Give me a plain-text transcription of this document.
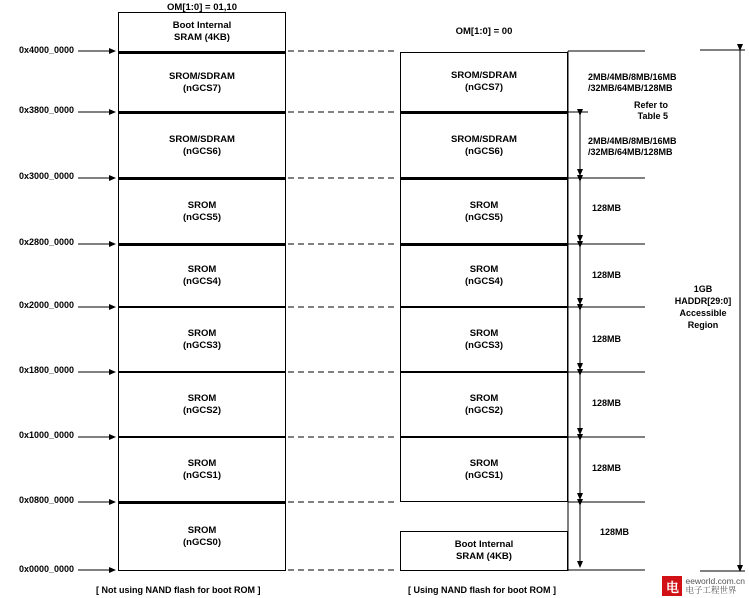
OM[1:0] = 01,10
OM[1:0] = 00
Boot Internal
SRAM (4KB)
SROM/SDRAM
(nGCS7)
SROM/SDRAM
(nGCS6)
SROM
(nGCS5)
SROM
(nGCS4)
SROM
(nGCS3)
SROM
(nGCS2)
SROM
(nGCS1)
SROM
(nGCS0)
SROM/SDRAM
(nGCS7)
SROM/SDRAM
(nGCS6)
SROM
(nGCS5)
SROM
(nGCS4)
SROM
(nGCS3)
SROM
(nGCS2)
SROM
(nGCS1)
Boot Internal
SRAM (4KB)
0x4000_0000
0x3800_0000
0x3000_0000
0x2800_0000
0x2000_0000
0x1800_0000
0x1000_0000
0x0800_0000
0x0000_0000
2MB/4MB/8MB/16MB
/32MB/64MB/128MB
Refer to
Table 5
2MB/4MB/8MB/16MB
/32MB/64MB/128MB
128MB
128MB
128MB
128MB
128MB
128MB
1GB
HADDR[29:0]
Accessible
Region
[ Not using NAND flash for boot ROM ]	[ Using NAND flash for boot ROM ]	电 eeworld.com.cn
电子工程世界
